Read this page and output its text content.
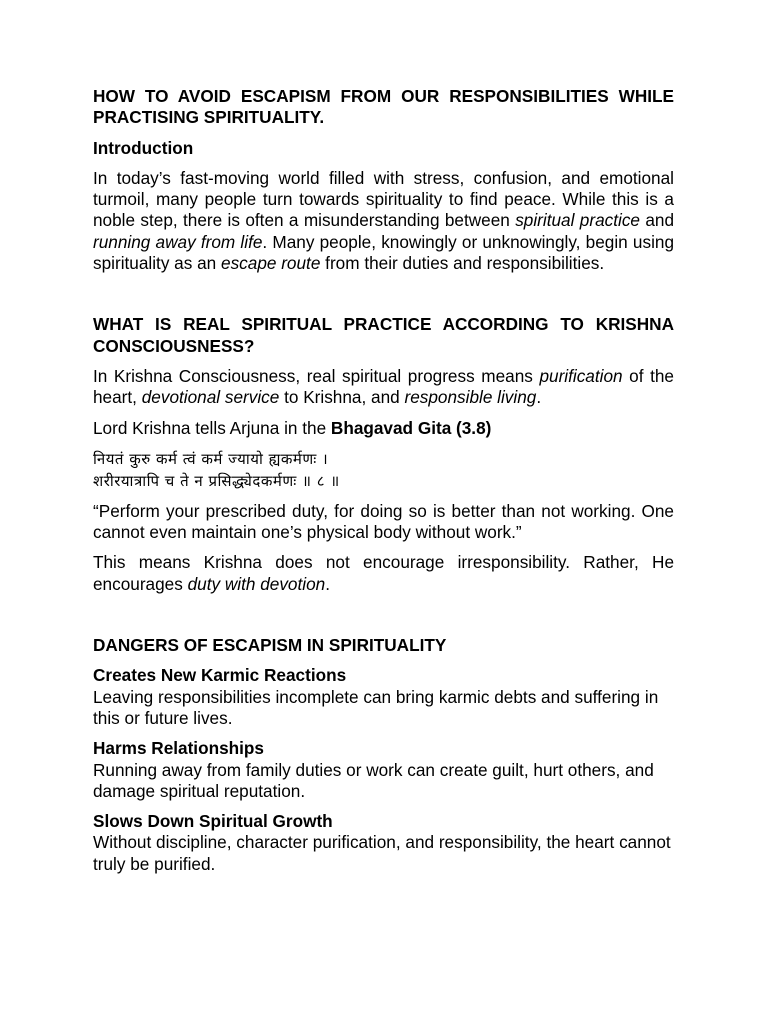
HOW TO AVOID ESCAPISM FROM OUR RESPONSIBILITIES WHILE PRACTISING SPIRITUALITY.

Introduction

In today’s fast-moving world filled with stress, confusion, and emotional turmoil, many people turn towards spirituality to find peace. While this is a noble step, there is often a misunderstanding between spiritual practice and running away from life. Many people, knowingly or unknowingly, begin using spirituality as an escape route from their duties and responsibilities.

WHAT IS REAL SPIRITUAL PRACTICE ACCORDING TO KRISHNA CONSCIOUSNESS?

In Krishna Consciousness, real spiritual progress means purification of the heart, devotional service to Krishna, and responsible living.

Lord Krishna tells Arjuna in the Bhagavad Gita (3.8)

नियतं कुरु कर्म त्वं कर्म ज्यायो ह्यकर्मणः ।

शरीरयात्रापि च ते न प्रसिद्ध्येदकर्मणः ॥ ८ ॥

“Perform your prescribed duty, for doing so is better than not working. One cannot even maintain one’s physical body without work.”

This means Krishna does not encourage irresponsibility. Rather, He encourages duty with devotion.

DANGERS OF ESCAPISM IN SPIRITUALITY

Creates New Karmic Reactions

Leaving responsibilities incomplete can bring karmic debts and suffering in this or future lives.

Harms Relationships

Running away from family duties or work can create guilt, hurt others, and damage spiritual reputation.

Slows Down Spiritual Growth

Without discipline, character purification, and responsibility, the heart cannot truly be purified.
